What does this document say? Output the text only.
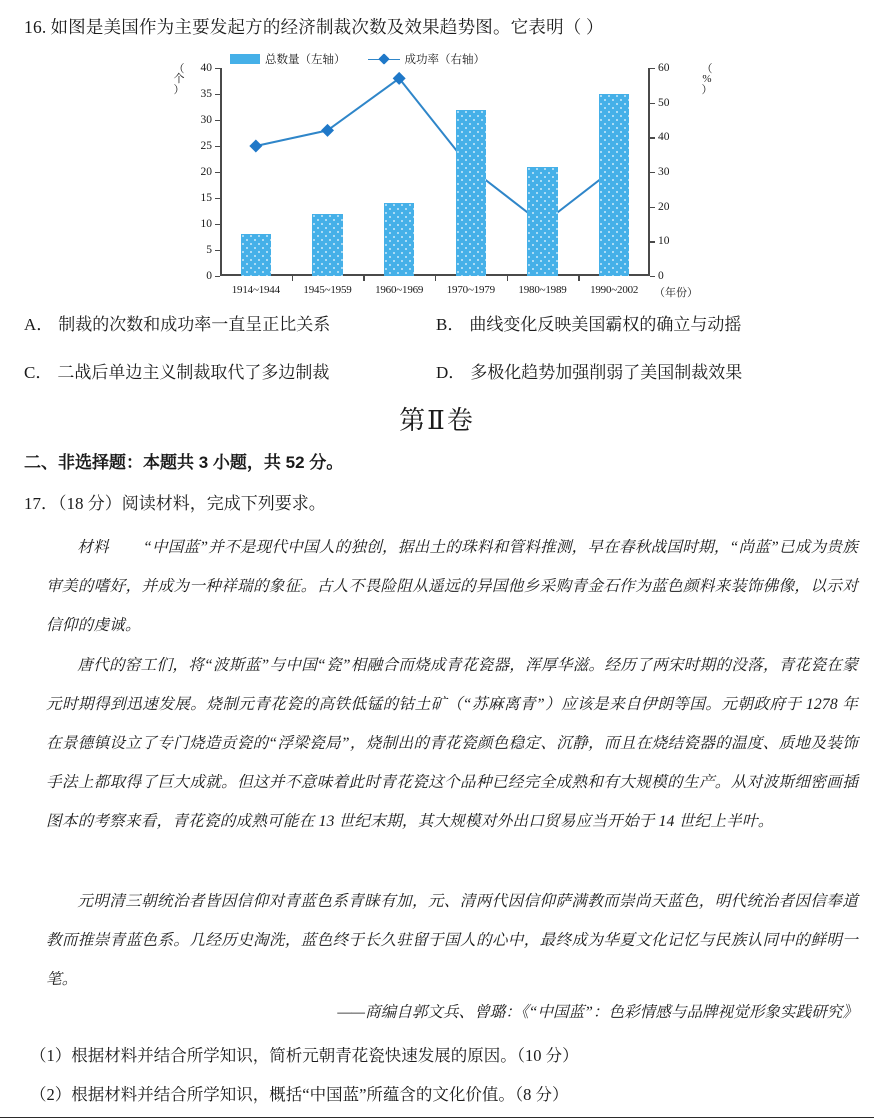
16. 如图是美国作为主要发起方的经济制裁次数及效果趋势图。它表明（ ）
总数量（左轴）	成功率（右轴）
（
个
）
（
%
）
0
5
10
15
20
25
30
35
40
0
10
20
30
40
50
60
1914~1944 1945~1959 1960~1969 1970~1979 1980~1989 1990~2002 （年份）
A． 制裁的次数和成功率一直呈正比关系	B． 曲线变化反映美国霸权的确立与动摇
C． 二战后单边主义制裁取代了多边制裁	D． 多极化趋势加强削弱了美国制裁效果
第Ⅱ卷
二、非选择题：本题共 3 小题，共 52 分。
17．（18 分）阅读材料，完成下列要求。
材料 “中国蓝”并不是现代中国人的独创，据出土的珠料和管料推测，早在春秋战国时期，“尚蓝”已成为贵族审美的嗜好，并成为一种祥瑞的象征。古人不畏险阻从遥远的异国他乡采购青金石作为蓝色颜料来装饰佛像，以示对信仰的虔诚。
唐代的窑工们，将“波斯蓝”与中国“瓷”相融合而烧成青花瓷器，浑厚华滋。经历了两宋时期的没落，青花瓷在蒙元时期得到迅速发展。烧制元青花瓷的高铁低锰的钴土矿（“苏麻离青”）应该是来自伊朗等国。元朝政府于 1278 年在景德镇设立了专门烧造贡瓷的“浮梁瓷局”，烧制出的青花瓷颜色稳定、沉静，而且在烧结瓷器的温度、质地及装饰手法上都取得了巨大成就。但这并不意味着此时青花瓷这个品种已经完全成熟和有大规模的生产。从对波斯细密画插图本的考察来看，青花瓷的成熟可能在 13 世纪末期，其大规模对外出口贸易应当开始于 14 世纪上半叶。
元明清三朝统治者皆因信仰对青蓝色系青睐有加，元、清两代因信仰萨满教而崇尚天蓝色，明代统治者因信奉道教而推崇青蓝色系。几经历史淘洗，蓝色终于长久驻留于国人的心中，最终成为华夏文化记忆与民族认同中的鲜明一笔。
——商编自郭文兵、曾璐：《“中国蓝”：色彩情感与品牌视觉形象实践研究》
（1）根据材料并结合所学知识，简析元朝青花瓷快速发展的原因。（10 分）
（2）根据材料并结合所学知识，概括“中国蓝”所蕴含的文化价值。（8 分）
